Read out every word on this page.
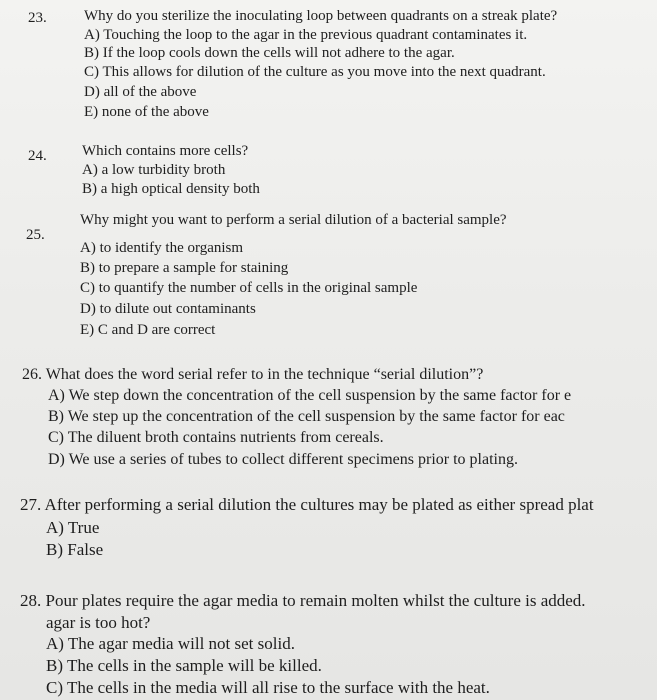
23. Why do you sterilize the inoculating loop between quadrants on a streak plate?
A) Touching the loop to the agar in the previous quadrant contaminates it.
B) If the loop cools down the cells will not adhere to the agar.
C) This allows for dilution of the culture as you move into the next quadrant.
D) all of the above
E) none of the above
24. Which contains more cells?
A) a low turbidity broth
B) a high optical density both
25.
Why might you want to perform a serial dilution of a bacterial sample?
A) to identify the organism
B) to prepare a sample for staining
C) to quantify the number of cells in the original sample
D) to dilute out contaminants
E) C and D are correct
26. What does the word serial refer to in the technique “serial dilution”?
A) We step down the concentration of the cell suspension by the same factor for e
B) We step up the concentration of the cell suspension by the same factor for eac
C) The diluent broth contains nutrients from cereals.
D) We use a series of tubes to collect different specimens prior to plating.
27. After performing a serial dilution the cultures may be plated as either spread plat
A) True
B) False
28. Pour plates require the agar media to remain molten whilst the culture is added.
agar is too hot?
A) The agar media will not set solid.
B) The cells in the sample will be killed.
C) The cells in the media will all rise to the surface with the heat.
